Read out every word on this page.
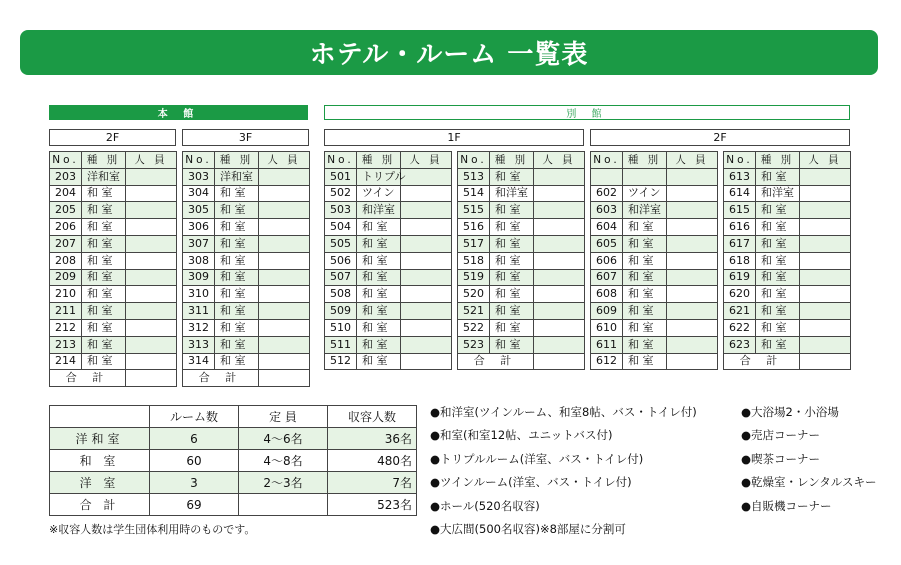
ホテル・ルーム 一覧表
本 館	別 館
2F	3F	1F	2F
No.	種 別	人 員
203	洋和室	
204	和 室	
205	和 室	
206	和 室	
207	和 室	
208	和 室	
209	和 室	
210	和 室	
211	和 室	
212	和 室	
213	和 室	
214	和 室	
合 計		
No.	種 別	人 員
303	洋和室	
304	和 室	
305	和 室	
306	和 室	
307	和 室	
308	和 室	
309	和 室	
310	和 室	
311	和 室	
312	和 室	
313	和 室	
314	和 室	
合 計		
No.	種 別	人 員
501	トリプル	
502	ツイン	
503	和洋室	
504	和 室	
505	和 室	
506	和 室	
507	和 室	
508	和 室	
509	和 室	
510	和 室	
511	和 室	
512	和 室	
No.	種 別	人 員
513	和 室	
514	和洋室	
515	和 室	
516	和 室	
517	和 室	
518	和 室	
519	和 室	
520	和 室	
521	和 室	
522	和 室	
523	和 室	
合 計		
No.	種 別	人 員

602	ツイン	
603	和洋室	
604	和 室	
605	和 室	
606	和 室	
607	和 室	
608	和 室	
609	和 室	
610	和 室	
611	和 室	
612	和 室	
No.	種 別	人 員
613	和 室	
614	和洋室	
615	和 室	
616	和 室	
617	和 室	
618	和 室	
619	和 室	
620	和 室	
621	和 室	
622	和 室	
623	和 室	
合 計		
	ルーム数	定 員	収容人数
洋和室	6	4〜6名	36名
和 室	60	4〜8名	480名
洋 室	3	2〜3名	7名
合 計	69		523名
※収容人数は学生団体利用時のものです。
●和洋室(ツインルーム、和室8帖、バス・トイレ付)
●和室(和室12帖、ユニットバス付)
●トリプルルーム(洋室、バス・トイレ付)
●ツインルーム(洋室、バス・トイレ付)
●ホール(520名収容)
●大広間(500名収容)※8部屋に分割可
●大浴場2・小浴場
●売店コーナー
●喫茶コーナー
●乾燥室・レンタルスキー
●自販機コーナー
